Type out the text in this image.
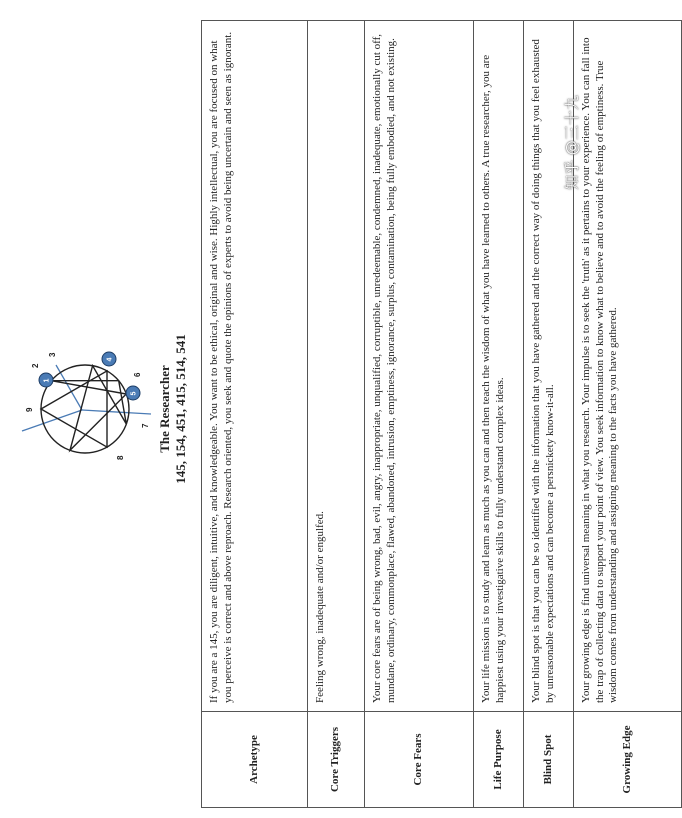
9
2
3
6
7
8
1
4
5 The Researcher 145, 154, 451, 415, 514, 541
Archetype	If you are a 145, you are diligent, intuitive, and knowledgeable. You want to be ethical, original and wise. Highly intellectual, you are focused on what you perceive is correct and above reproach. Research oriented, you seek and quote the opinions of experts to avoid being uncertain and seen as ignorant.
Core Triggers	Feeling wrong, inadequate and/or engulfed.
Core Fears	Your core fears are of being wrong, bad, evil, angry, inappropriate, unqualified, corruptible, unredeemable, condemned, inadequate, emotionally cut off, mundane, ordinary, commonplace, flawed, abandoned, intrusion, emptiness, ignorance, surplus, contamination, being fully embodied, and not existing.
Life Purpose	Your life mission is to study and learn as much as you can and then teach the wisdom of what you have learned to others. A true researcher, you are happiest using your investigative skills to fully understand complex ideas.
Blind Spot	Your blind spot is that you can be so identified with the information that you have gathered and the correct way of doing things that you feel exhausted by unreasonable expectations and can become a persnickety know-it-all.
Growing Edge	Your growing edge is find universal meaning in what you research. Your impulse is to seek the 'truth' as it pertains to your experience. You can fall into the trap of collecting data to support your point of view. You seek information to know what to believe and to avoid the feeling of emptiness. True wisdom comes from understanding and assigning meaning to the facts you have gathered.
知乎 @三十九
